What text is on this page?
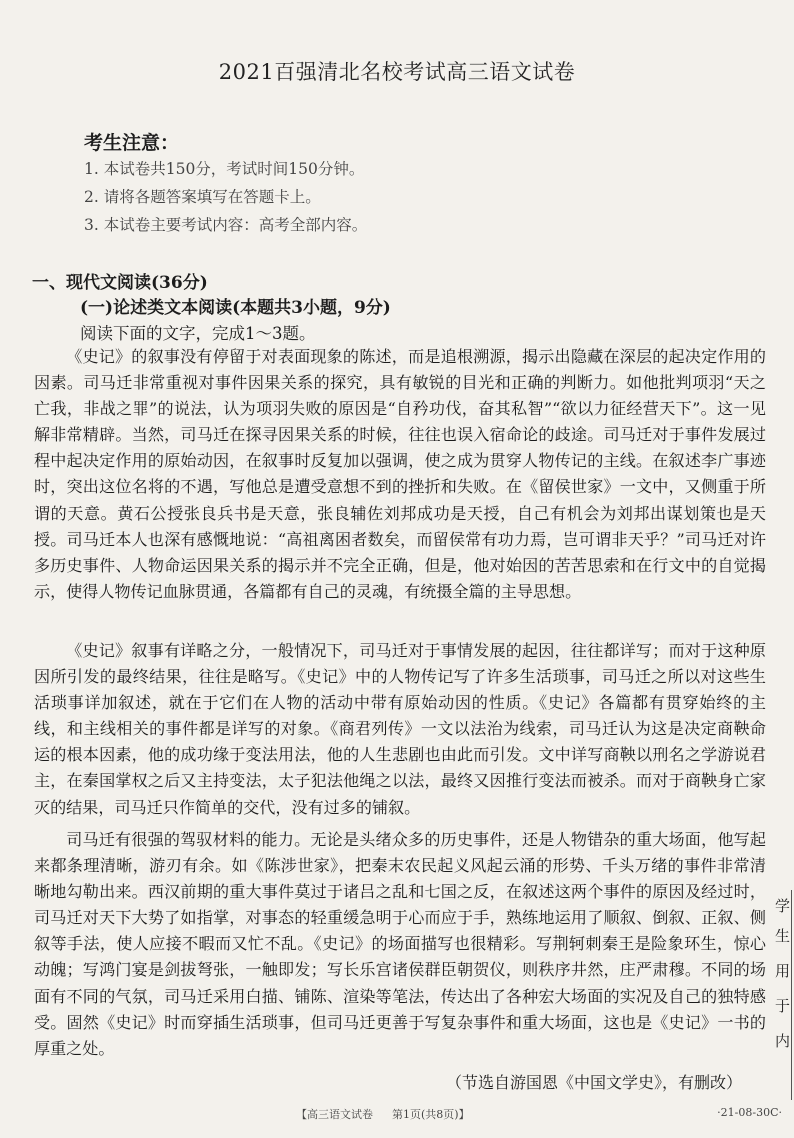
2021百强清北名校考试高三语文试卷
考生注意：
1. 本试卷共150分，考试时间150分钟。
2. 请将各题答案填写在答题卡上。
3. 本试卷主要考试内容：高考全部内容。
一、现代文阅读(36分)
(一)论述类文本阅读(本题共3小题，9分)
阅读下面的文字，完成1～3题。
《史记》的叙事没有停留于对表面现象的陈述，而是追根溯源，揭示出隐藏在深层的起决定作用的因素。司马迁非常重视对事件因果关系的探究，具有敏锐的目光和正确的判断力。如他批判项羽“天之亡我，非战之罪”的说法，认为项羽失败的原因是“自矜功伐，奋其私智”“欲以力征经营天下”。这一见解非常精辟。当然，司马迁在探寻因果关系的时候，往往也误入宿命论的歧途。司马迁对于事件发展过程中起决定作用的原始动因，在叙事时反复加以强调，使之成为贯穿人物传记的主线。在叙述李广事迹时，突出这位名将的不遇，写他总是遭受意想不到的挫折和失败。在《留侯世家》一文中，又侧重于所谓的天意。黄石公授张良兵书是天意，张良辅佐刘邦成功是天授，自己有机会为刘邦出谋划策也是天授。司马迁本人也深有感慨地说：“高祖离困者数矣，而留侯常有功力焉，岂可谓非天乎？”司马迁对许多历史事件、人物命运因果关系的揭示并不完全正确，但是，他对始因的苦苦思索和在行文中的自觉揭示，使得人物传记血脉贯通，各篇都有自己的灵魂，有统摄全篇的主导思想。
《史记》叙事有详略之分，一般情况下，司马迁对于事情发展的起因，往往都详写；而对于这种原因所引发的最终结果，往往是略写。《史记》中的人物传记写了许多生活琐事，司马迁之所以对这些生活琐事详加叙述，就在于它们在人物的活动中带有原始动因的性质。《史记》各篇都有贯穿始终的主线，和主线相关的事件都是详写的对象。《商君列传》一文以法治为线索，司马迁认为这是决定商鞅命运的根本因素，他的成功缘于变法用法，他的人生悲剧也由此而引发。文中详写商鞅以刑名之学游说君主，在秦国掌权之后又主持变法，太子犯法他绳之以法，最终又因推行变法而被杀。而对于商鞅身亡家灭的结果，司马迁只作简单的交代，没有过多的铺叙。
司马迁有很强的驾驭材料的能力。无论是头绪众多的历史事件，还是人物错杂的重大场面，他写起来都条理清晰，游刃有余。如《陈涉世家》，把秦末农民起义风起云涌的形势、千头万绪的事件非常清晰地勾勒出来。西汉前期的重大事件莫过于诸吕之乱和七国之反，在叙述这两个事件的原因及经过时，司马迁对天下大势了如指掌，对事态的轻重缓急明于心而应于手，熟练地运用了顺叙、倒叙、正叙、侧叙等手法，使人应接不暇而又忙不乱。《史记》的场面描写也很精彩。写荆轲刺秦王是险象环生，惊心动魄；写鸿门宴是剑拔弩张，一触即发；写长乐宫诸侯群臣朝贺仪，则秩序井然，庄严肃穆。不同的场面有不同的气氛，司马迁采用白描、铺陈、渲染等笔法，传达出了各种宏大场面的实况及自己的独特感受。固然《史记》时而穿插生活琐事，但司马迁更善于写复杂事件和重大场面，这也是《史记》一书的厚重之处。
（节选自游国恩《中国文学史》，有删改）
【高三语文试卷 第1页(共8页)】	·21-08-30C·
学
生
用
于
内
